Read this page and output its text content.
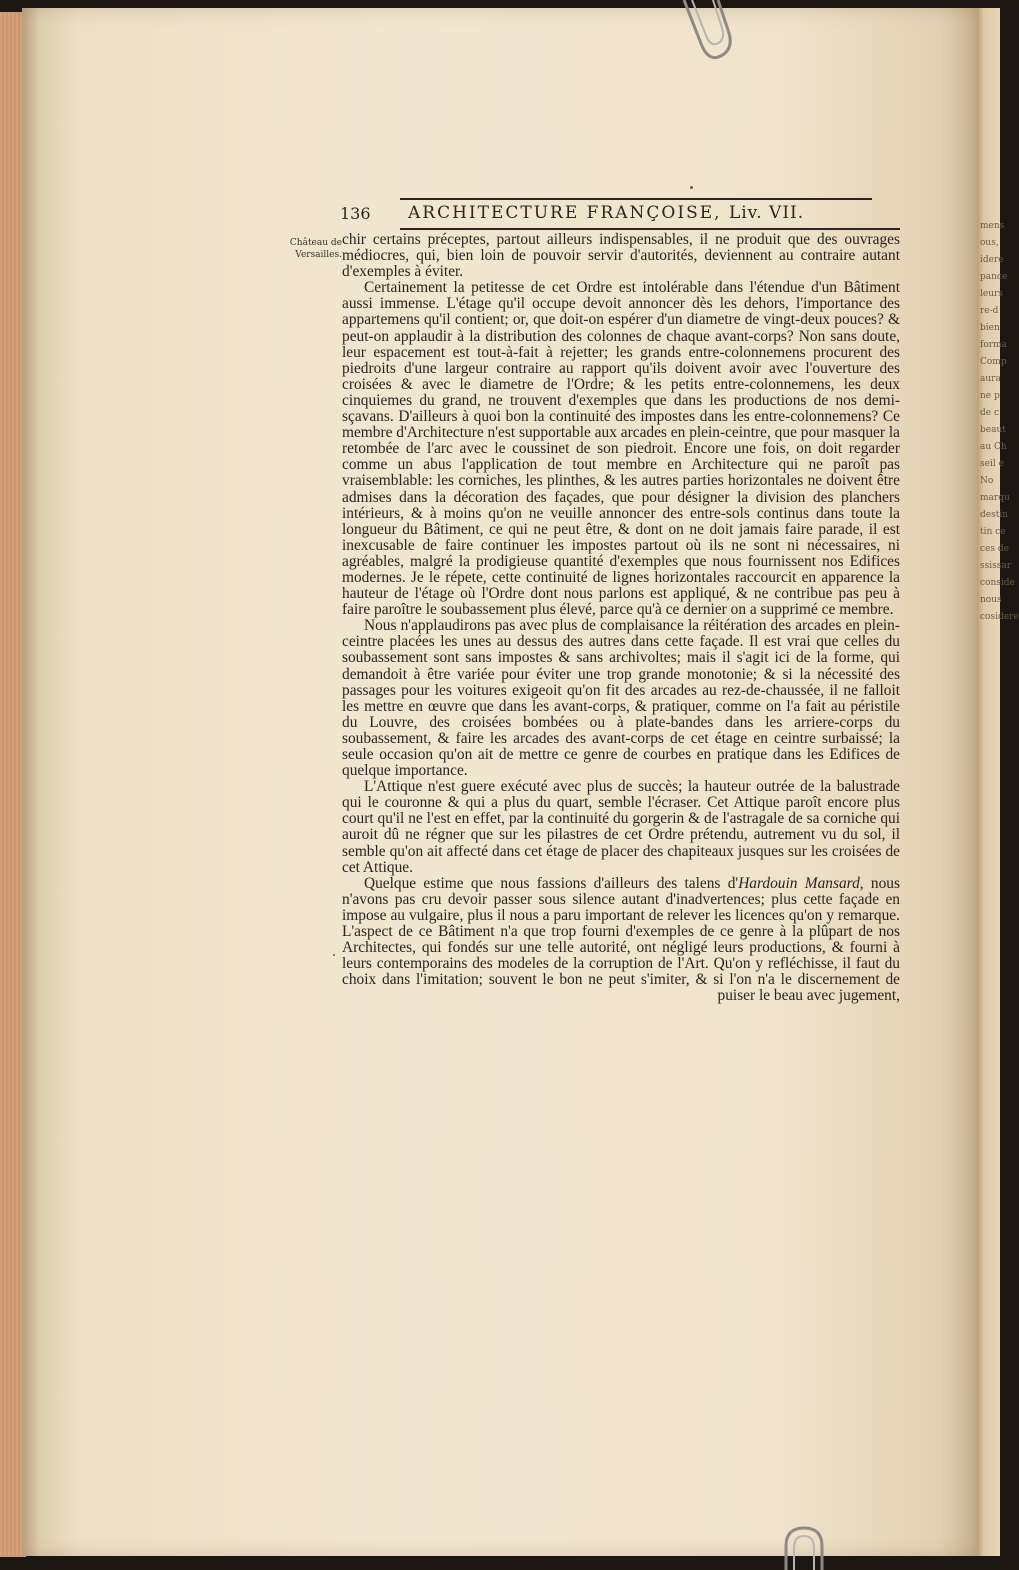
mens
ous,
idere
pance
leurs
re-d
bien
forma
Comp
aura
ne p
de c
beaut
au Ch
seil e
No
marqu
destin
tin ce
ces de
ssissar
conside
nous
cosidere
136 ARCHITECTURE FRANÇOISE, Liv. VII.
Château de Versailles.

chir certains préceptes, partout ailleurs indispensables, il ne produit que des ouvrages médiocres, qui, bien loin de pouvoir servir d'autorités, deviennent au contraire autant d'exemples à éviter.

Certainement la petitesse de cet Ordre est intolérable dans l'étendue d'un Bâtiment aussi immense. L'étage qu'il occupe devoit annoncer dès les dehors, l'importance des appartemens qu'il contient; or, que doit-on espérer d'un diametre de vingt-deux pouces? & peut-on applaudir à la distribution des colonnes de chaque avant-corps? Non sans doute, leur espacement est tout-à-fait à rejetter; les grands entre-colonnemens procurent des piedroits d'une largeur contraire au rapport qu'ils doivent avoir avec l'ouverture des croisées & avec le diametre de l'Ordre; & les petits entre-colonnemens, les deux cinquiemes du grand, ne trouvent d'exemples que dans les productions de nos demi-sçavans. D'ailleurs à quoi bon la continuité des impostes dans les entre-colonnemens? Ce membre d'Architecture n'est supportable aux arcades en plein-ceintre, que pour masquer la retombée de l'arc avec le coussinet de son piedroit. Encore une fois, on doit regarder comme un abus l'application de tout membre en Architecture qui ne paroît pas vraisemblable: les corniches, les plinthes, & les autres parties horizontales ne doivent être admises dans la décoration des façades, que pour désigner la division des planchers intérieurs, & à moins qu'on ne veuille annoncer des entre-sols continus dans toute la longueur du Bâtiment, ce qui ne peut être, & dont on ne doit jamais faire parade, il est inexcusable de faire continuer les impostes partout où ils ne sont ni nécessaires, ni agréables, malgré la prodigieuse quantité d'exemples que nous fournissent nos Edifices modernes. Je le répete, cette continuité de lignes horizontales raccourcit en apparence la hauteur de l'étage où l'Ordre dont nous parlons est appliqué, & ne contribue pas peu à faire paroître le soubassement plus élevé, parce qu'à ce dernier on a supprimé ce membre.

Nous n'applaudirons pas avec plus de complaisance la réitération des arcades en plein-ceintre placées les unes au dessus des autres dans cette façade. Il est vrai que celles du soubassement sont sans impostes & sans archivoltes; mais il s'agit ici de la forme, qui demandoit à être variée pour éviter une trop grande monotonie; & si la nécessité des passages pour les voitures exigeoit qu'on fit des arcades au rez-de-chaussée, il ne falloit les mettre en œuvre que dans les avant-corps, & pratiquer, comme on l'a fait au péristile du Louvre, des croisées bombées ou à plate-bandes dans les arriere-corps du soubassement, & faire les arcades des avant-corps de cet étage en ceintre surbaissé; la seule occasion qu'on ait de mettre ce genre de courbes en pratique dans les Edifices de quelque importance.

L'Attique n'est guere exécuté avec plus de succès; la hauteur outrée de la balustrade qui le couronne & qui a plus du quart, semble l'écraser. Cet Attique paroît encore plus court qu'il ne l'est en effet, par la continuité du gorgerin & de l'astragale de sa corniche qui auroit dû ne régner que sur les pilastres de cet Ordre prétendu, autrement vu du sol, il semble qu'on ait affecté dans cet étage de placer des chapiteaux jusques sur les croisées de cet Attique.

Quelque estime que nous fassions d'ailleurs des talens d'Hardouin Mansard, nous n'avons pas cru devoir passer sous silence autant d'inadvertences; plus cette façade en impose au vulgaire, plus il nous a paru important de relever les licences qu'on y remarque. L'aspect de ce Bâtiment n'a que trop fourni d'exemples de ce genre à la plûpart de nos Architectes, qui fondés sur une telle autorité, ont négligé leurs productions, & fourni à leurs contemporains des modeles de la corruption de l'Art. Qu'on y refléchisse, il faut du choix dans l'imitation; souvent le bon ne peut s'imiter, & si l'on n'a le discernement de puiser le beau avec jugement,
